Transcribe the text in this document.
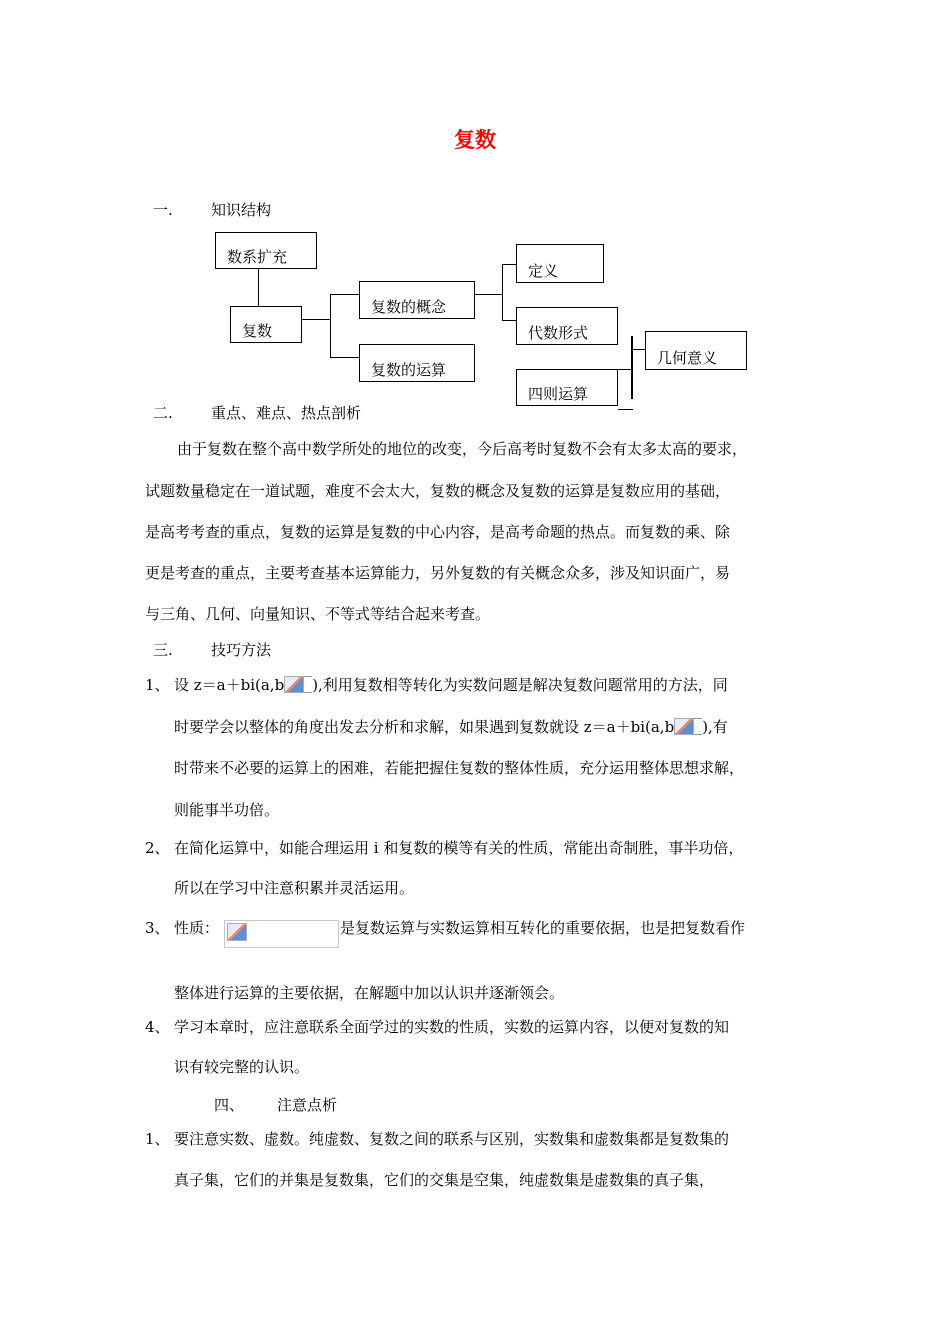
复数
一.	知识结构
数系扩充
复数
复数的概念
复数的运算
定义
代数形式
四则运算
几何意义
二.	重点、难点、热点剖析
由于复数在整个高中数学所处的地位的改变，今后高考时复数不会有太多太高的要求，
试题数量稳定在一道试题，难度不会太大，复数的概念及复数的运算是复数应用的基础，
是高考考查的重点，复数的运算是复数的中心内容，是高考命题的热点。而复数的乘、除
更是考查的重点，主要考查基本运算能力，另外复数的有关概念众多，涉及知识面广，易
与三角、几何、向量知识、不等式等结合起来考查。
三.	技巧方法
1、 设 z＝a＋bi(a,b ),利用复数相等转化为实数问题是解决复数问题常用的方法，同
时要学会以整体的角度出发去分析和求解，如果遇到复数就设 z＝a＋bi(a,b ),有
时带来不必要的运算上的困难，若能把握住复数的整体性质，充分运用整体思想求解，
则能事半功倍。
2、 在简化运算中，如能合理运用 i 和复数的模等有关的性质，常能出奇制胜，事半功倍，
所以在学习中注意积累并灵活运用。
3、 性质：	是复数运算与实数运算相互转化的重要依据，也是把复数看作
整体进行运算的主要依据，在解题中加以认识并逐渐领会。
4、 学习本章时，应注意联系全面学过的实数的性质，实数的运算内容，以便对复数的知
识有较完整的认识。
四、 注意点析
1、 要注意实数、虚数。纯虚数、复数之间的联系与区别，实数集和虚数集都是复数集的
真子集，它们的并集是复数集，它们的交集是空集，纯虚数集是虚数集的真子集，
